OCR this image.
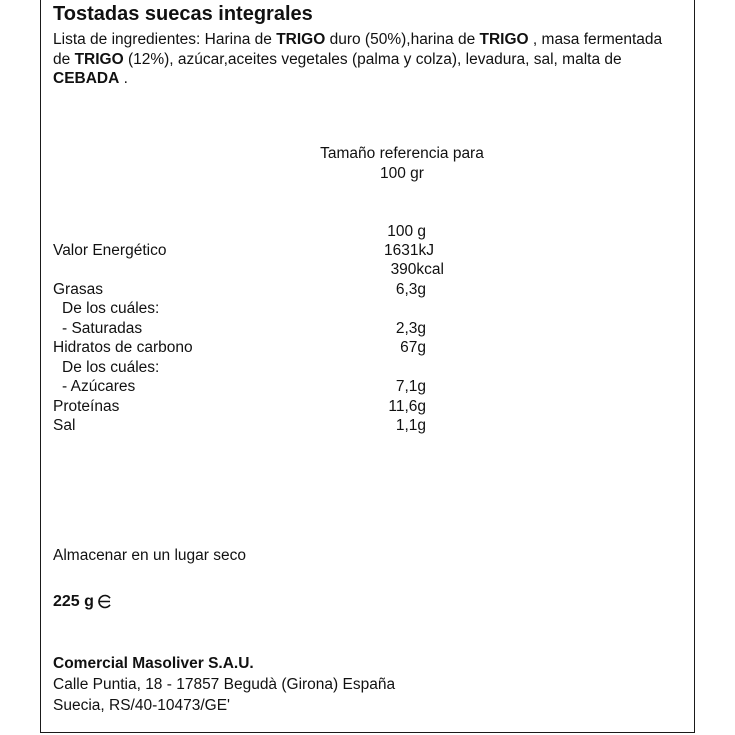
Tostadas suecas integrales
Lista de ingredientes: Harina de TRIGO duro (50%),harina de TRIGO , masa fermentada de TRIGO (12%), azúcar,aceites vegetales (palma y colza), levadura, sal, malta de CEBADA .
Tamaño referencia para
100 gr
100 g
Valor Energético	1631kJ
390kcal
Grasas	6,3g
De los cuáles:
- Saturadas	2,3g
Hidratos de carbono	67g
De los cuáles:
- Azúcares	7,1g
Proteínas	11,6g
Sal	1,1g
Almacenar en un lugar seco
225 g
Comercial Masoliver S.A.U.
Calle Puntia, 18 - 17857 Begudà (Girona) España
Suecia, RS/40-10473/GE'
